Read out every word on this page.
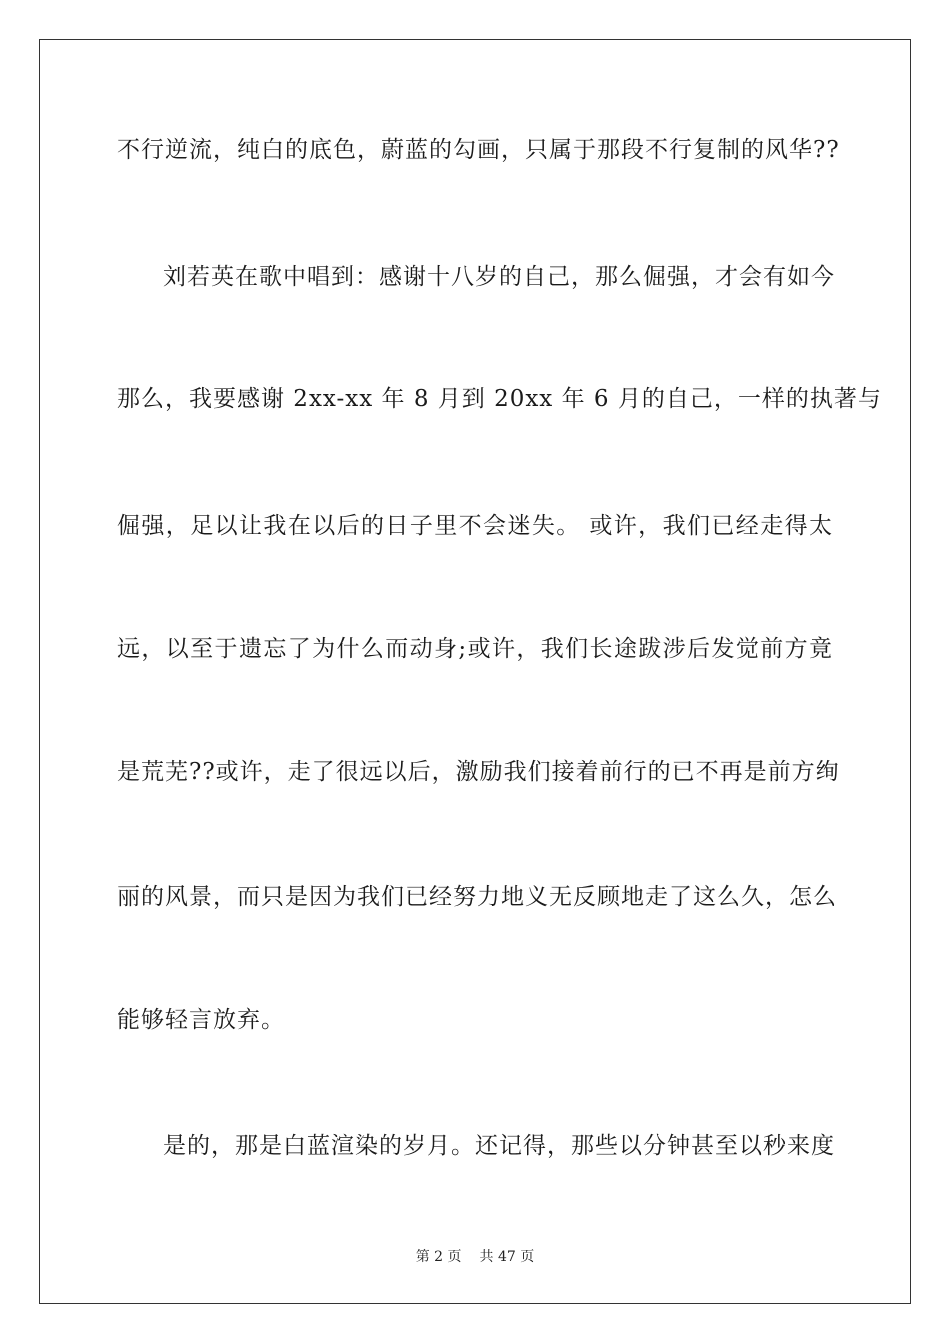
不行逆流，纯白的底色，蔚蓝的勾画，只属于那段不行复制的风华??
刘若英在歌中唱到：感谢十八岁的自己，那么倔强，才会有如今
那么，我要感谢 2xx-xx 年 8 月到 20xx 年 6 月的自己，一样的执著与
倔强，足以让我在以后的日子里不会迷失。 或许，我们已经走得太
远，以至于遗忘了为什么而动身;或许，我们长途跋涉后发觉前方竟
是荒芜??或许，走了很远以后，激励我们接着前行的已不再是前方绚
丽的风景，而只是因为我们已经努力地义无反顾地走了这么久，怎么
能够轻言放弃。
是的，那是白蓝渲染的岁月。还记得，那些以分钟甚至以秒来度
第 2 页 共 47 页
